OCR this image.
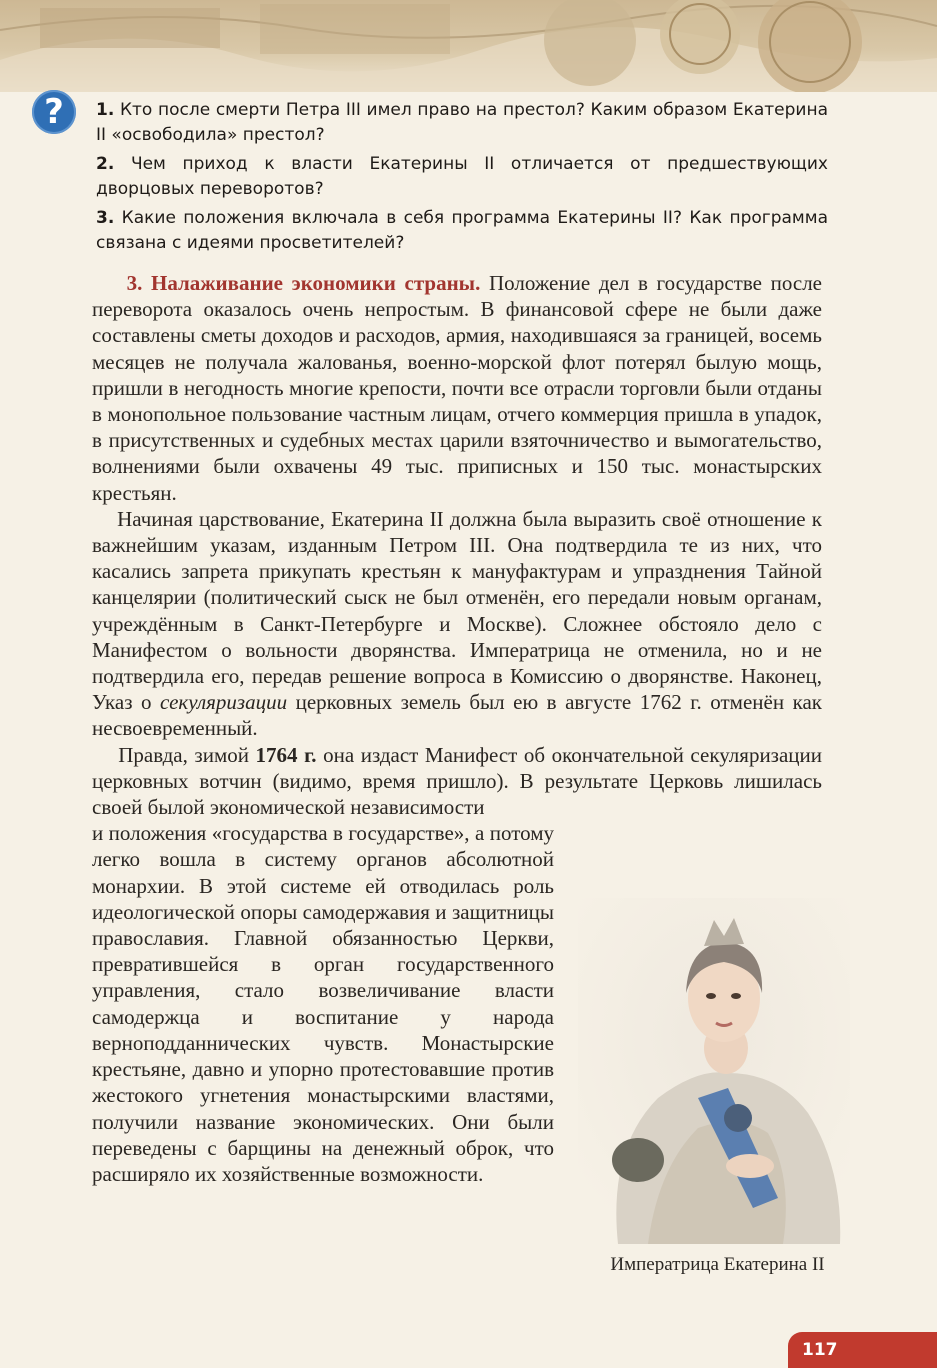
?	1. Кто после смерти Петра III имел право на престол? Каким образом Екатерина II «освободила» престол?

2. Чем приход к власти Екатерины II отличается от предшествующих дворцовых переворотов?

3. Какие положения включала в себя программа Екатерины II? Как программа связана с идеями просветителей?

3. Налаживание экономики страны. Положение дел в государстве после переворота оказалось очень непростым. В финансовой сфере не были даже составлены сметы доходов и расходов, армия, находившаяся за границей, восемь месяцев не получала жалованья, военно-морской флот потерял былую мощь, пришли в негодность многие крепости, почти все отрасли торговли были отданы в монопольное пользование частным лицам, отчего коммерция пришла в упадок, в присутственных и судебных местах царили взяточничество и вымогательство, волнениями были охвачены 49 тыс. приписных и 150 тыс. монастырских крестьян.

Начиная царствование, Екатерина II должна была выразить своё отношение к важнейшим указам, изданным Петром III. Она подтвердила те из них, что касались запрета прикупать крестьян к мануфактурам и упразднения Тайной канцелярии (политический сыск не был отменён, его передали новым органам, учреждённым в Санкт-Петербурге и Москве). Сложнее обстояло дело с Манифестом о вольности дворянства. Императрица не отменила, но и не подтвердила его, передав решение вопроса в Комиссию о дворянстве. Наконец, Указ о секуляризации церковных земель был ею в августе 1762 г. отменён как несвоевременный.

Правда, зимой 1764 г. она издаст Манифест об окончательной секуляризации церковных вотчин (видимо, время пришло). В результате Церковь лишилась своей былой экономической независимости

и положения «государства в государстве», а потому легко вошла в систему органов абсолютной монархии. В этой системе ей отводилась роль идеологической опоры самодержавия и защитницы православия. Главной обязанностью Церкви, превратившейся в орган государственного управления, стало возвеличивание власти самодержца и воспитание у народа верноподданнических чувств. Монастырские крестьяне, давно и упорно протестовавшие против жестокого угнетения монастырскими властями, получили название экономических. Они были переведены с барщины на денежный оброк, что расширяло их хозяйственные возможности.

Императрица Екатерина II
117
